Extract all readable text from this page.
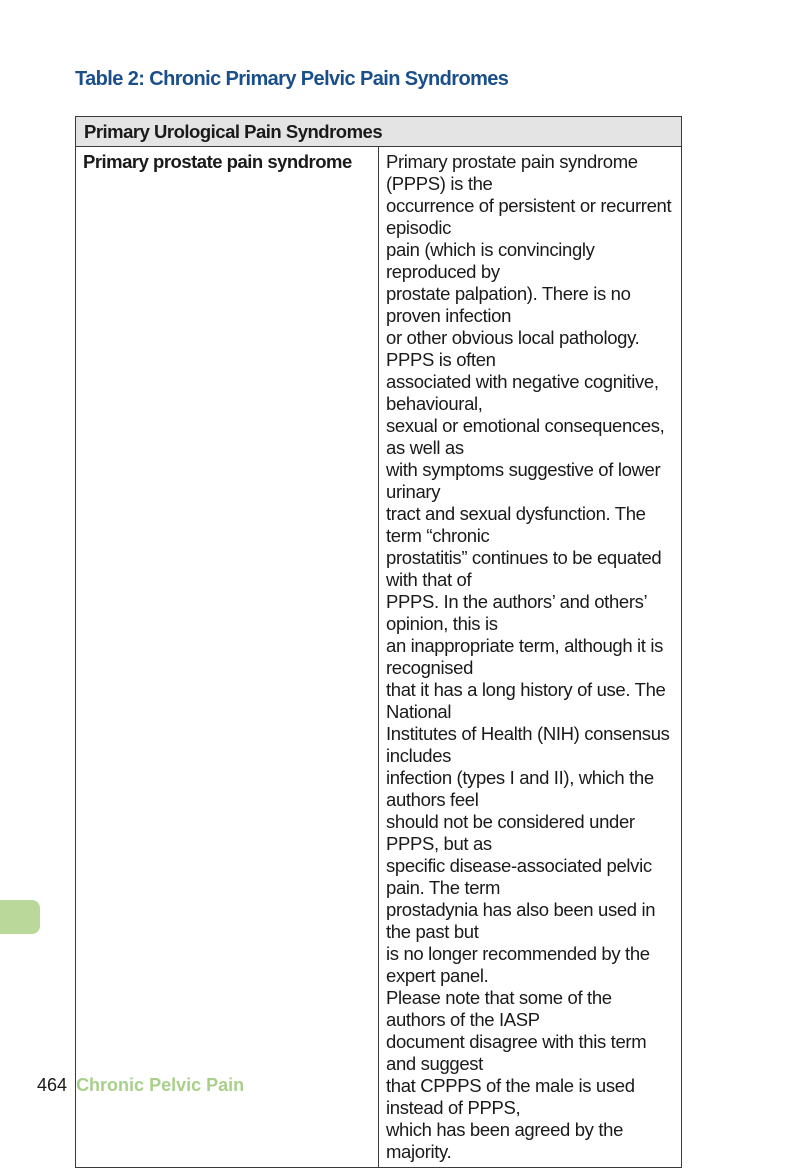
Table 2: Chronic Primary Pelvic Pain Syndromes
Primary Urological Pain Syndromes
Primary prostate pain syndrome	Primary prostate pain syndrome (PPPS) is the
occurrence of persistent or recurrent episodic
pain (which is convincingly reproduced by
prostate palpation). There is no proven infection
or other obvious local pathology. PPPS is often
associated with negative cognitive, behavioural,
sexual or emotional consequences, as well as
with symptoms suggestive of lower urinary
tract and sexual dysfunction. The term “chronic
prostatitis” continues to be equated with that of
PPPS. In the authors’ and others’ opinion, this is
an inappropriate term, although it is recognised
that it has a long history of use. The National
Institutes of Health (NIH) consensus includes
infection (types I and II), which the authors feel
should not be considered under PPPS, but as
specific disease-associated pelvic pain. The term
prostadynia has also been used in the past but
is no longer recommended by the expert panel.
Please note that some of the authors of the IASP
document disagree with this term and suggest
that CPPPS of the male is used instead of PPPS,
which has been agreed by the majority.
464 Chronic Pelvic Pain
